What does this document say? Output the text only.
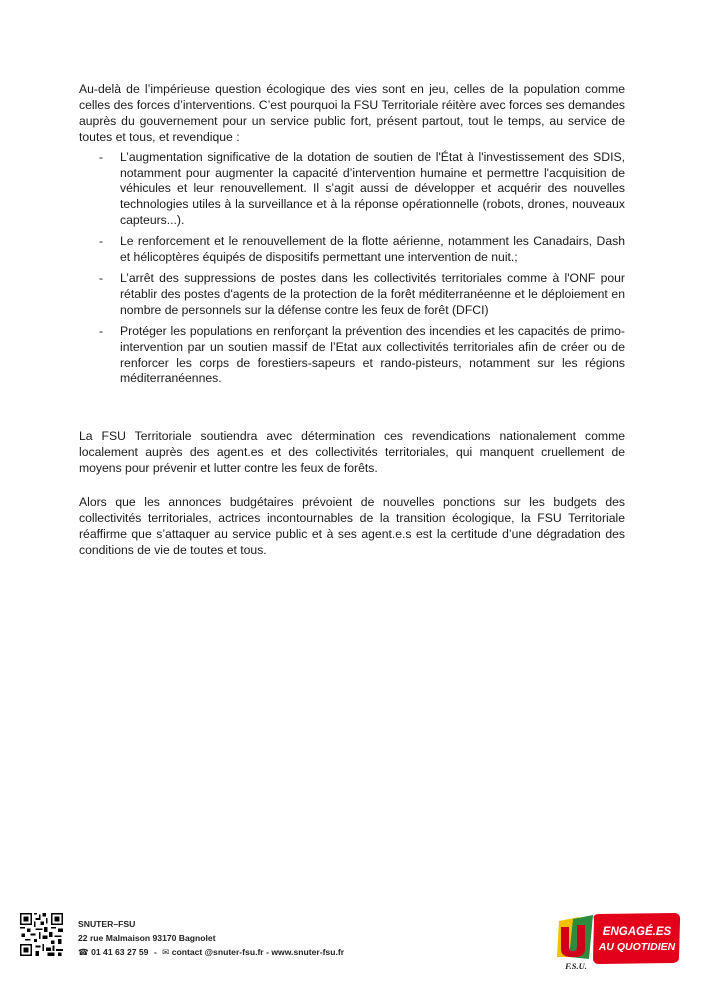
Au-delà de l’impérieuse question écologique des vies sont en jeu, celles de la population comme celles des forces d’interventions. C’est pourquoi la FSU Territoriale réitère avec forces ses demandes auprès du gouvernement pour un service public fort, présent partout, tout le temps, au service de toutes et tous, et revendique :

- L’augmentation significative de la dotation de soutien de l'État à l'investissement des SDIS, notamment pour augmenter la capacité d’intervention humaine et permettre l'acquisition de véhicules et leur renouvellement. Il s’agit aussi de développer et acquérir des nouvelles technologies utiles à la surveillance et à la réponse opérationnelle (robots, drones, nouveaux capteurs...).
- Le renforcement et le renouvellement de la flotte aérienne, notamment les Canadairs, Dash et hélicoptères équipés de dispositifs permettant une intervention de nuit.;
- L’arrêt des suppressions de postes dans les collectivités territoriales comme à l'ONF pour rétablir des postes d'agents de la protection de la forêt méditerranéenne et le déploiement en nombre de personnels sur la défense contre les feux de forêt (DFCI)
- Protéger les populations en renforçant la prévention des incendies et les capacités de primo-intervention par un soutien massif de l’Etat aux collectivités territoriales afin de créer ou de renforcer les corps de forestiers-sapeurs et rando-pisteurs, notamment sur les régions méditerranéennes.

La FSU Territoriale soutiendra avec détermination ces revendications nationalement comme localement auprès des agent.es et des collectivités territoriales, qui manquent cruellement de moyens pour prévenir et lutter contre les feux de forêts.

Alors que les annonces budgétaires prévoient de nouvelles ponctions sur les budgets des collectivités territoriales, actrices incontournables de la transition écologique, la FSU Territoriale réaffirme que s’attaquer au service public et à ses agent.e.s est la certitude d’une dégradation des conditions de vie de toutes et tous.

SNUTER–FSU
22 rue Malmaison 93170 Bagnolet
☎ 01 41 63 27 59 - ✉ contact @snuter-fsu.fr - www.snuter-fsu.fr
F.S.U.
ENGAGÉ.ES
AU QUOTIDIEN
